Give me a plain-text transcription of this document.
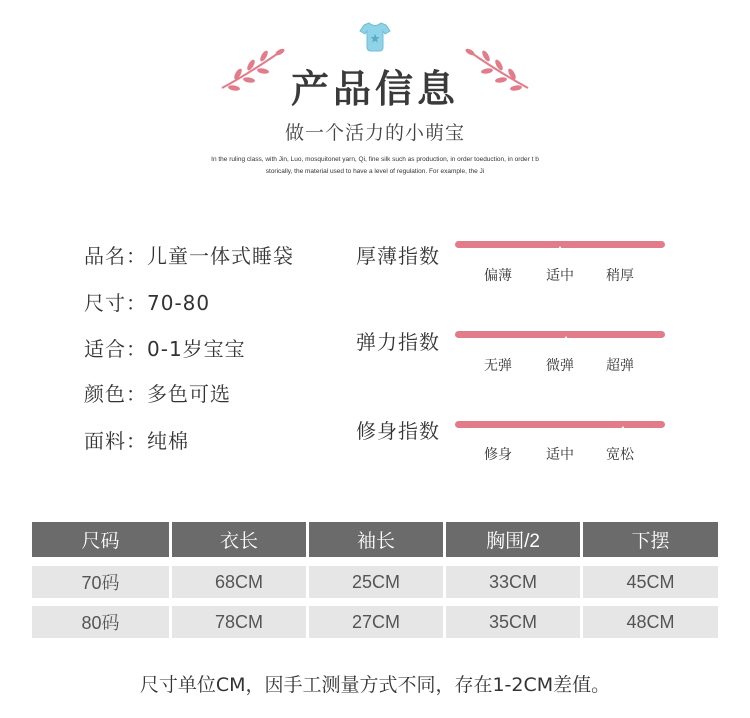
产品信息
做一个活力的小萌宝
In the ruling class, with Jin, Luo, mosquitonet yarn, Qi, fine silk such as production, in order toeduction, in order t b
storically, the material used to have a level of regulation. For example, the Ji
品名：儿童一体式睡袋
尺寸：70-80
适合：0-1岁宝宝
颜色：多色可选
面料：纯棉
厚薄指数
偏薄	适中	稍厚
弹力指数
无弹	微弹	超弹
修身指数
修身	适中	宽松
尺码	衣长	袖长	胸围/2	下摆
70码	68CM	25CM	33CM	45CM
80码	78CM	27CM	35CM	48CM
尺寸单位CM，因手工测量方式不同，存在1-2CM差值。
